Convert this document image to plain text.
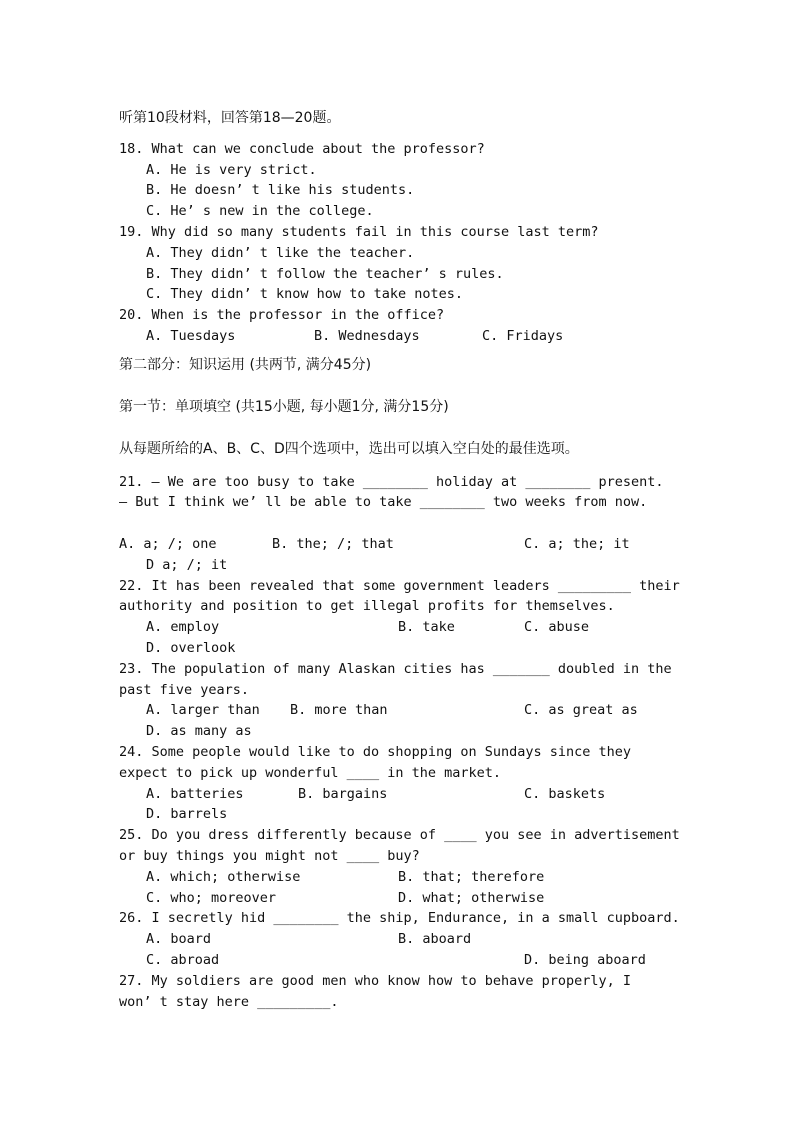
听第10段材料，回答第18—20题。
18. What can we conclude about the professor?
A. He is very strict.
B. He doesn’ t like his students.
C. He’ s new in the college.
19. Why did so many students fail in this course last term?
A. They didn’ t like the teacher.
B. They didn’ t follow the teacher’ s rules.
C. They didn’ t know how to take notes.
20. When is the professor in the office?
A. Tuesdays	B. Wednesdays	C. Fridays
第二部分：知识运用 (共两节, 满分45分)
第一节：单项填空 (共15小题, 每小题1分, 满分15分)
从每题所给的A、B、C、D四个选项中，选出可以填入空白处的最佳选项。
21. — We are too busy to take ________ holiday at ________ present.
— But I think we’ ll be able to take ________ two weeks from now.
A. a; /; one	B. the; /; that	C. a; the; it
D a; /; it
22. It has been revealed that some government leaders _________ their
authority and position to get illegal profits for themselves.
A. employ	B. take	C. abuse
D. overlook
23. The population of many Alaskan cities has _______ doubled in the
past five years.
A. larger than B. more than	C. as great as
D. as many as
24. Some people would like to do shopping on Sundays since they
expect to pick up wonderful ____ in the market.
A. batteries	B. bargains	C. baskets
D. barrels
25. Do you dress differently because of ____ you see in advertisement
or buy things you might not ____ buy?
A. which; otherwise	B. that; therefore
C. who; moreover	D. what; otherwise
26. I secretly hid ________ the ship, Endurance, in a small cupboard.
A. board	B. aboard
C. abroad	D. being aboard
27. My soldiers are good men who know how to behave properly, I
won’ t stay here _________.
